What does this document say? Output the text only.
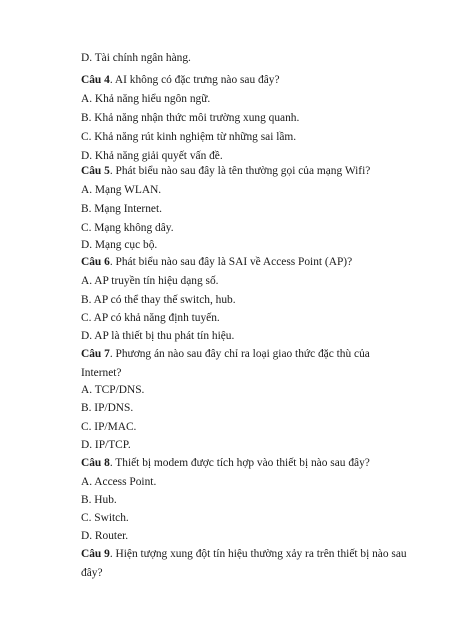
D. Tài chính ngân hàng.
Câu 4. AI không có đặc trưng nào sau đây?
A. Khả năng hiểu ngôn ngữ.
B. Khả năng nhận thức môi trường xung quanh.
C. Khả năng rút kinh nghiệm từ những sai lầm.
D. Khả năng giải quyết vấn đề.
Câu 5. Phát biểu nào sau đây là tên thường gọi của mạng Wifi?
A. Mạng WLAN.
B. Mạng Internet.
C. Mạng không dây.
D. Mạng cục bộ.
Câu 6. Phát biểu nào sau đây là SAI về Access Point (AP)?
A. AP truyền tín hiệu dạng số.
B. AP có thể thay thế switch, hub.
C. AP có khả năng định tuyến.
D. AP là thiết bị thu phát tín hiệu.
Câu 7. Phương án nào sau đây chỉ ra loại giao thức đặc thù của
Internet?
A. TCP/DNS.
B. IP/DNS.
C. IP/MAC.
D. IP/TCP.
Câu 8. Thiết bị modem được tích hợp vào thiết bị nào sau đây?
A. Access Point.
B. Hub.
C. Switch.
D. Router.
Câu 9. Hiện tượng xung đột tín hiệu thường xảy ra trên thiết bị nào sau
đây?
